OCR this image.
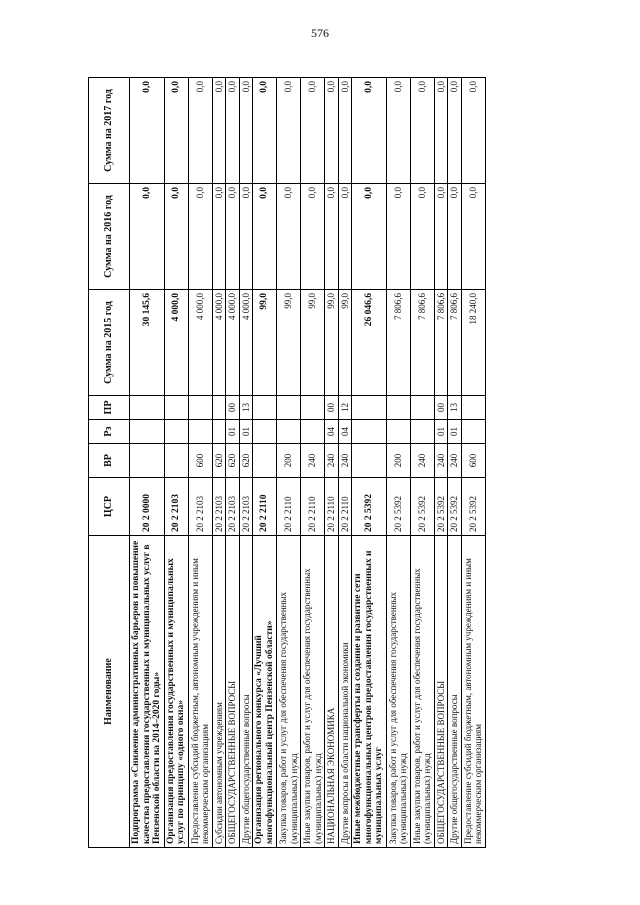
576
Наименование	ЦСР	ВР	Рз	ПР	Сумма на 2015 год	Сумма на 2016 год	Сумма на 2017 год
Подпрограмма «Снижение административных барьеров и повышение качества предоставления государственных и муниципальных услуг в Пензенской области на 2014–2020 годы»	20 2 0000				30 145,6	0,0	0,0
Организация предоставления государственных и муниципальных услуг по принципу «одного окна»	20 2 2103				4 000,0	0,0	0,0
Предоставление субсидий бюджетным, автономным учреждениям и иным некоммерческим организациям	20 2 2103	600			4 000,0	0,0	0,0
Субсидии автономным учреждениям	20 2 2103	620			4 000,0	0,0	0,0
ОБЩЕГОСУДАРСТВЕННЫЕ ВОПРОСЫ	20 2 2103	620	01	00	4 000,0	0,0	0,0
Другие общегосударственные вопросы	20 2 2103	620	01	13	4 000,0	0,0	0,0
Организация регионального конкурса «Лучший многофункциональный центр Пензенской области»	20 2 2110				99,0	0,0	0,0
Закупка товаров, работ и услуг для обеспечения государственных (муниципальных) нужд	20 2 2110	200			99,0	0,0	0,0
Иные закупки товаров, работ и услуг для обеспечения государственных (муниципальных) нужд	20 2 2110	240			99,0	0,0	0,0
НАЦИОНАЛЬНАЯ ЭКОНОМИКА	20 2 2110	240	04	00	99,0	0,0	0,0
Другие вопросы в области национальной экономики	20 2 2110	240	04	12	99,0	0,0	0,0
Иные межбюджетные трансферты на создание и развитие сети многофункциональных центров предоставления государственных и муниципальных услуг	20 2 5392				26 046,6	0,0	0,0
Закупка товаров, работ и услуг для обеспечения государственных (муниципальных) нужд	20 2 5392	200			7 806,6	0,0	0,0
Иные закупки товаров, работ и услуг для обеспечения государственных (муниципальных) нужд	20 2 5392	240			7 806,6	0,0	0,0
ОБЩЕГОСУДАРСТВЕННЫЕ ВОПРОСЫ	20 2 5392	240	01	00	7 806,6	0,0	0,0
Другие общегосударственные вопросы	20 2 5392	240	01	13	7 806,6	0,0	0,0
Предоставление субсидий бюджетным, автономным учреждениям и иным некоммерческим организациям	20 2 5392	600			18 240,0	0,0	0,0
